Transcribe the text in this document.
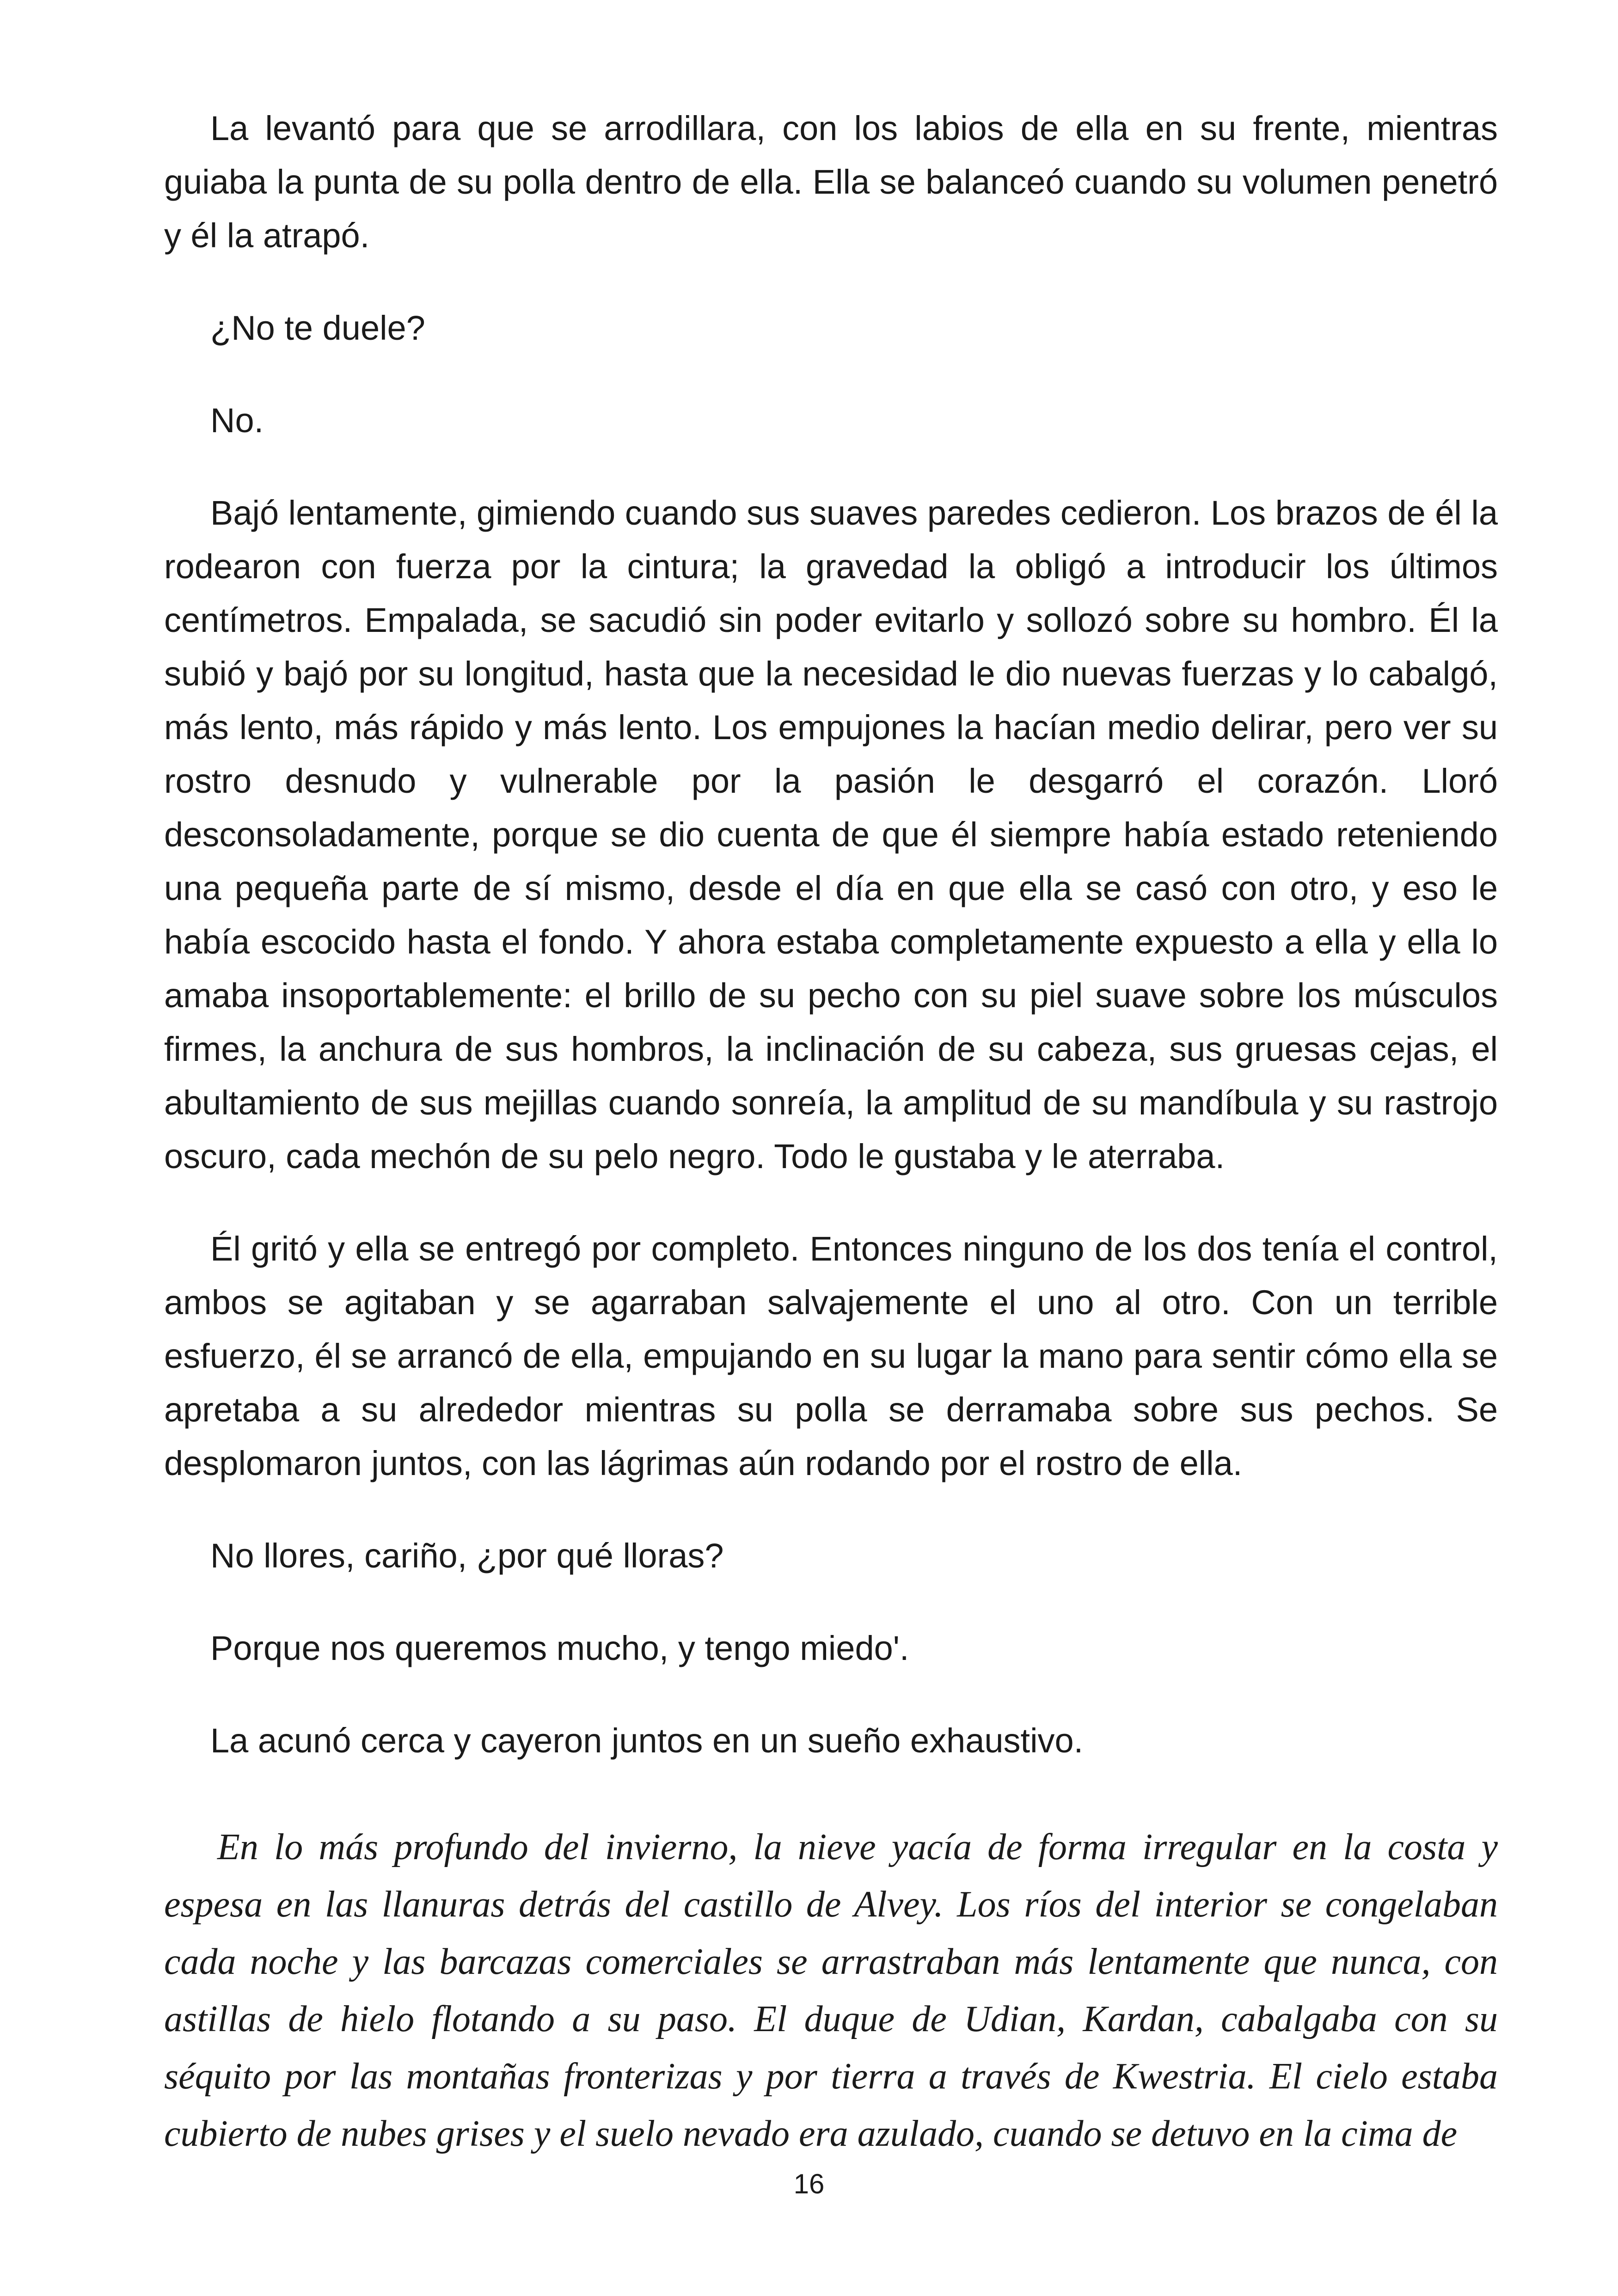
La levantó para que se arrodillara, con los labios de ella en su frente, mientras guiaba la punta de su polla dentro de ella. Ella se balanceó cuando su volumen penetró y él la atrapó.

¿No te duele?

No.

Bajó lentamente, gimiendo cuando sus suaves paredes cedieron. Los brazos de él la rodearon con fuerza por la cintura; la gravedad la obligó a introducir los últimos centímetros. Empalada, se sacudió sin poder evitarlo y sollozó sobre su hombro. Él la subió y bajó por su longitud, hasta que la necesidad le dio nuevas fuerzas y lo cabalgó, más lento, más rápido y más lento. Los empujones la hacían medio delirar, pero ver su rostro desnudo y vulnerable por la pasión le desgarró el corazón. Lloró desconsoladamente, porque se dio cuenta de que él siempre había estado reteniendo una pequeña parte de sí mismo, desde el día en que ella se casó con otro, y eso le había escocido hasta el fondo. Y ahora estaba completamente expuesto a ella y ella lo amaba insoportablemente: el brillo de su pecho con su piel suave sobre los músculos firmes, la anchura de sus hombros, la inclinación de su cabeza, sus gruesas cejas, el abultamiento de sus mejillas cuando sonreía, la amplitud de su mandíbula y su rastrojo oscuro, cada mechón de su pelo negro. Todo le gustaba y le aterraba.

Él gritó y ella se entregó por completo. Entonces ninguno de los dos tenía el control, ambos se agitaban y se agarraban salvajemente el uno al otro. Con un terrible esfuerzo, él se arrancó de ella, empujando en su lugar la mano para sentir cómo ella se apretaba a su alrededor mientras su polla se derramaba sobre sus pechos. Se desplomaron juntos, con las lágrimas aún rodando por el rostro de ella.

No llores, cariño, ¿por qué lloras?

Porque nos queremos mucho, y tengo miedo'.

La acunó cerca y cayeron juntos en un sueño exhaustivo.

En lo más profundo del invierno, la nieve yacía de forma irregular en la costa y espesa en las llanuras detrás del castillo de Alvey. Los ríos del interior se congelaban cada noche y las barcazas comerciales se arrastraban más lentamente que nunca, con astillas de hielo flotando a su paso. El duque de Udian, Kardan, cabalgaba con su séquito por las montañas fronterizas y por tierra a través de Kwestria. El cielo estaba cubierto de nubes grises y el suelo nevado era azulado, cuando se detuvo en la cima de

16
